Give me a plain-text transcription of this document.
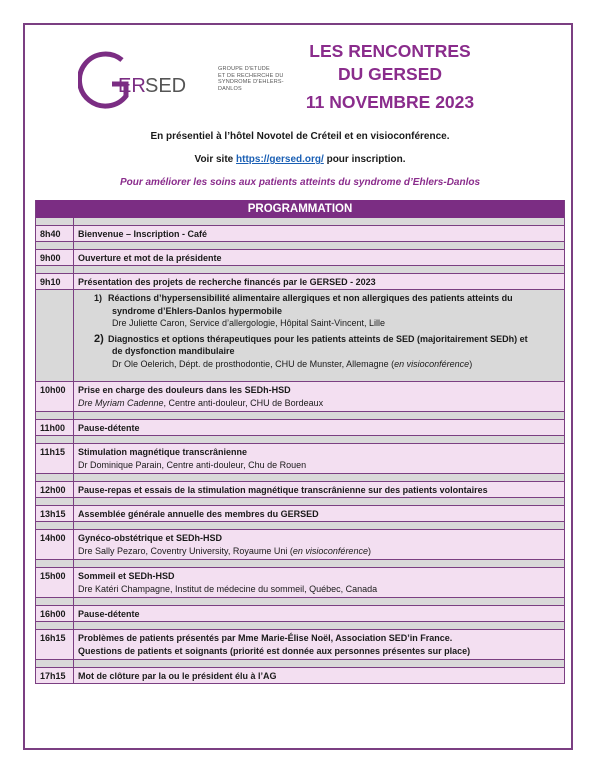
ER SED
GROUPE D'ETUDE
ET DE RECHERCHE DU
SYNDROME D'EHLERS-DANLOS
LES RENCONTRES
DU GERSED
11 NOVEMBRE 2023
En présentiel à l’hôtel Novotel de Créteil et en visioconférence.
Voir site https://gersed.org/ pour inscription.
Pour améliorer les soins aux patients atteints du syndrome d’Ehlers-Danlos
PROGRAMMATION
8h40	Bienvenue – Inscription - Café
9h00	Ouverture et mot de la présidente
9h10	Présentation des projets de recherche financés par le GERSED - 2023
1) Réactions d’hypersensibilité alimentaire allergiques et non allergiques des patients atteints du
syndrome d’Ehlers-Danlos hypermobile
Dre Juliette Caron, Service d’allergologie, Hôpital Saint-Vincent, Lille
2) Diagnostics et options thérapeutiques pour les patients atteints de SED (majoritairement SEDh) et
de dysfonction mandibulaire
Dr Ole Oelerich, Dépt. de prosthodontie, CHU de Munster, Allemagne (en visioconférence)
10h00	Prise en charge des douleurs dans les SEDh-HSD
Dre Myriam Cadenne, Centre anti-douleur, CHU de Bordeaux
11h00	Pause-détente
11h15	Stimulation magnétique transcrânienne
Dr Dominique Parain, Centre anti-douleur, Chu de Rouen
12h00	Pause-repas et essais de la stimulation magnétique transcrânienne sur des patients volontaires
13h15	Assemblée générale annuelle des membres du GERSED
14h00	Gynéco-obstétrique et SEDh-HSD
Dre Sally Pezaro, Coventry University, Royaume Uni (en visioconférence)
15h00	Sommeil et SEDh-HSD
Dre Katéri Champagne, Institut de médecine du sommeil, Québec, Canada
16h00	Pause-détente
16h15	Problèmes de patients présentés par Mme Marie-Élise Noël, Association SED’in France.
Questions de patients et soignants (priorité est donnée aux personnes présentes sur place)
17h15	Mot de clôture par la ou le président élu à l’AG
